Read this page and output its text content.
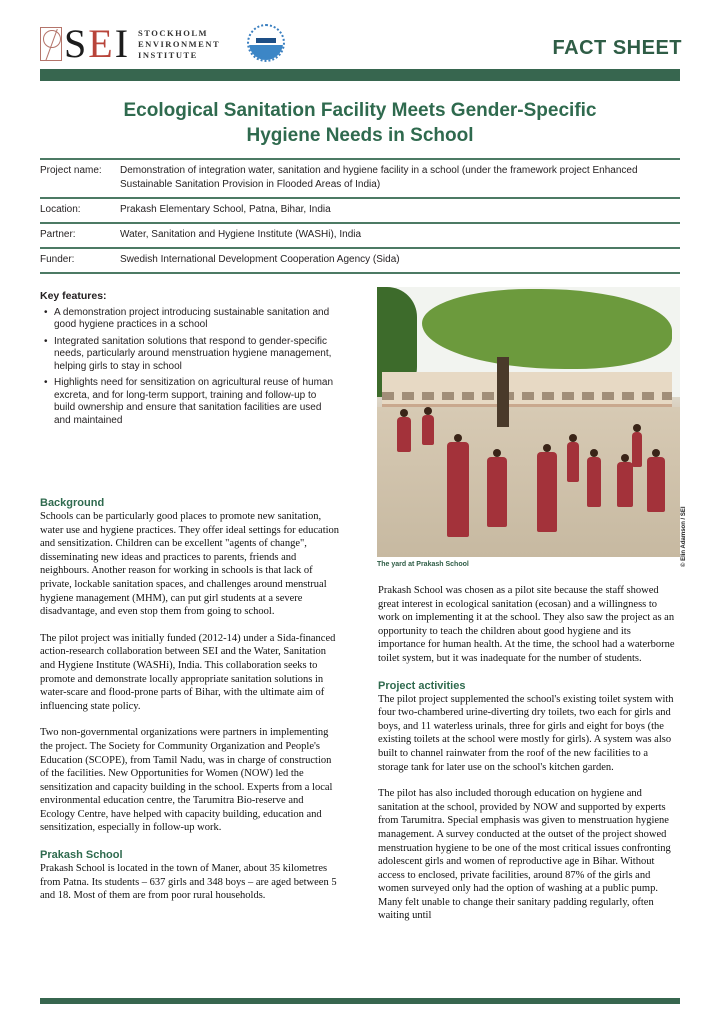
SEI STOCKHOLM
ENVIRONMENT
INSTITUTE	FACT SHEET
Ecological Sanitation Facility Meets Gender-Specific
Hygiene Needs in School
Project name:	Demonstration of integration water, sanitation and hygiene facility in a school (under the framework project Enhanced Sustainable Sanitation Provision in Flooded Areas of India)
Location:	Prakash Elementary School, Patna, Bihar, India
Partner:	Water, Sanitation and Hygiene Institute (WASHi), India
Funder:	Swedish International Development Cooperation Agency (Sida)
Key features:
• A demonstration project introducing sustainable sanitation and good hygiene practices in a school
• Integrated sanitation solutions that respond to gender-specific needs, particularly around menstruation hygiene management, helping girls to stay in school
• Highlights need for sensitization on agricultural reuse of human excreta, and for long-term support, training and follow-up to build ownership and ensure that sanitation facilities are used and maintained
The yard at Prakash School	© Elin Adamson / SEI
Background

Schools can be particularly good places to promote new sanitation, water use and hygiene practices. They offer ideal settings for education and sensitization. Children can be excellent "agents of change", disseminating new ideas and practices to parents, friends and neighbours. Another reason for working in schools is that lack of private, lockable sanitation spaces, and challenges around menstrual hygiene management (MHM), can put girl students at a severe disadvantage, and even stop them from going to school.

The pilot project was initially funded (2012-14) under a Sida-financed action-research collaboration between SEI and the Water, Sanitation and Hygiene Institute (WASHi), India. This collaboration seeks to promote and demonstrate locally appropriate sanitation solutions in water-scare and flood-prone parts of Bihar, with the ultimate aim of influencing state policy.

Two non-governmental organizations were partners in implementing the project. The Society for Community Organization and People's Education (SCOPE), from Tamil Nadu, was in charge of construction of the facilities. New Opportunities for Women (NOW) led the sensitization and capacity building in the school. Experts from a local environmental education centre, the Tarumitra Bio-reserve and Ecology Centre, have helped with capacity building, education and sensitization, especially in follow-up work.

Prakash School

Prakash School is located in the town of Maner, about 35 kilometres from Patna. Its students – 637 girls and 348 boys – are aged between 5 and 18. Most of them are from poor rural households.

Prakash School was chosen as a pilot site because the staff showed great interest in ecological sanitation (ecosan) and a willingness to work on implementing it at the school. They also saw the project as an opportunity to teach the children about good hygiene and its importance for human health. At the time, the school had a waterborne toilet system, but it was inadequate for the number of students.

Project activities

The pilot project supplemented the school's existing toilet system with four two-chambered urine-diverting dry toilets, two each for girls and boys, and 11 waterless urinals, three for girls and eight for boys (the existing toilets at the school were mostly for girls). A system was also built to channel rainwater from the roof of the new facilities to a storage tank for later use on the school's kitchen garden.

The pilot has also included thorough education on hygiene and sanitation at the school, provided by NOW and supported by experts from Tarumitra. Special emphasis was given to menstruation hygiene management. A survey conducted at the outset of the project showed menstruation hygiene to be one of the most critical issues confronting adolescent girls and women of reproductive age in Bihar. Without access to enclosed, private facilities, around 87% of the girls and women surveyed only had the option of washing at a public pump. Many felt unable to change their sanitary padding regularly, often waiting until
